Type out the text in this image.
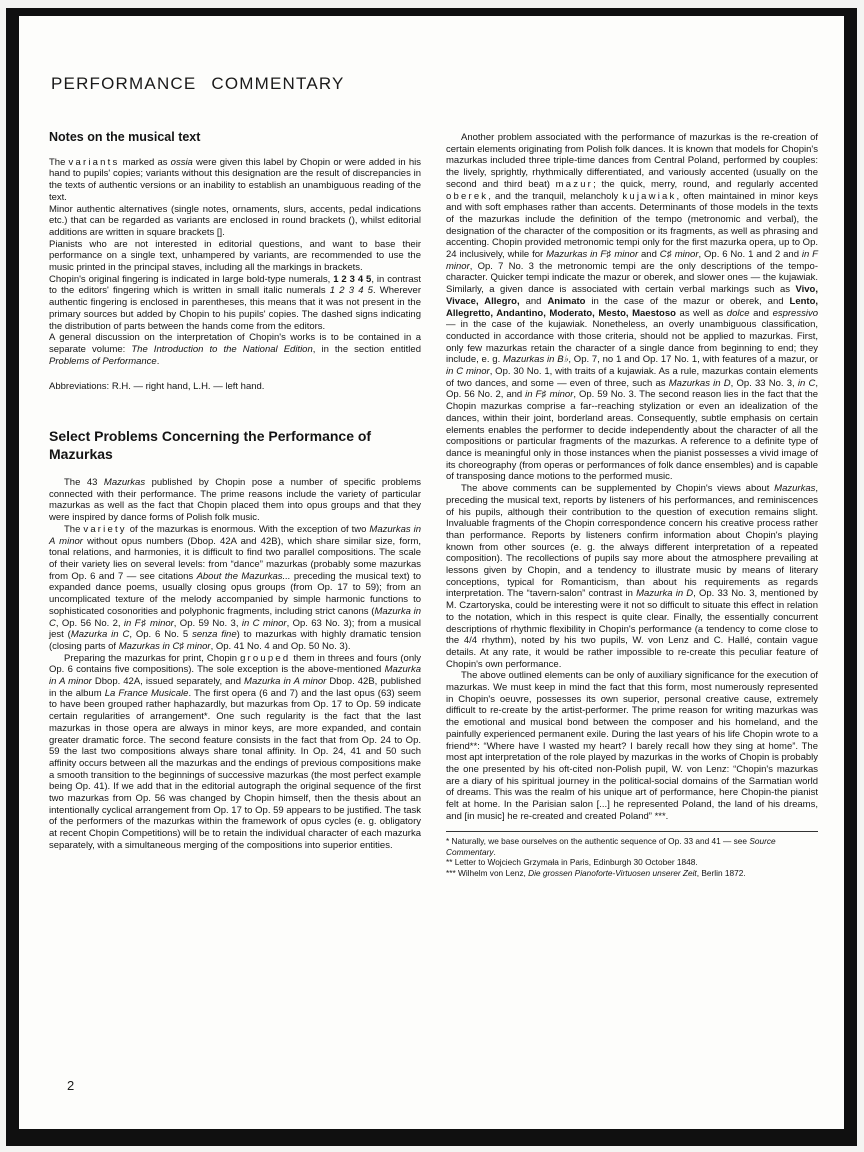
PERFORMANCE COMMENTARY
Notes on the musical text

The variants marked as ossia were given this label by Chopin or were added in his hand to pupils' copies; variants without this designation are the result of discrepancies in the texts of authentic versions or an inability to establish an unambiguous reading of the text.

Minor authentic alternatives (single notes, ornaments, slurs, accents, pedal indications etc.) that can be regarded as variants are enclosed in round brackets (), whilst editorial additions are written in square brackets [].

Pianists who are not interested in editorial questions, and want to base their performance on a single text, unhampered by variants, are recommended to use the music printed in the principal staves, including all the markings in brackets.

Chopin's original fingering is indicated in large bold-type numerals, 1 2 3 4 5, in contrast to the editors' fingering which is written in small italic numerals 1 2 3 4 5. Wherever authentic fingering is enclosed in parentheses, this means that it was not present in the primary sources but added by Chopin to his pupils' copies. The dashed signs indicating the distribution of parts between the hands come from the editors.

A general discussion on the interpretation of Chopin's works is to be contained in a separate volume: The Introduction to the National Edition, in the section entitled Problems of Performance.

Abbreviations: R.H. — right hand, L.H. — left hand.

Select Problems Concerning the Performance of Mazurkas

The 43 Mazurkas published by Chopin pose a number of specific problems connected with their performance. The prime reasons include the variety of particular mazurkas as well as the fact that Chopin placed them into opus groups and that they were inspired by dance forms of Polish folk music.

The variety of the mazurkas is enormous. With the exception of two Mazurkas in A minor without opus numbers (Dbop. 42A and 42B), which share similar size, form, tonal relations, and harmonies, it is difficult to find two parallel compositions. The scale of their variety lies on several levels: from “dance” mazurkas (probably some mazurkas from Op. 6 and 7 — see citations About the Mazurkas... preceding the musical text) to expanded dance poems, usually closing opus groups (from Op. 17 to 59); from an uncomplicated texture of the melody accompanied by simple harmonic functions to sophisticated cosonorities and polyphonic fragments, including strict canons (Mazurka in C, Op. 56 No. 2, in F♯ minor, Op. 59 No. 3, in C minor, Op. 63 No. 3); from a musical jest (Mazurka in C, Op. 6 No. 5 senza fine) to mazurkas with highly dramatic tension (closing parts of Mazurkas in C♯ minor, Op. 41 No. 4 and Op. 50 No. 3).

Preparing the mazurkas for print, Chopin grouped them in threes and fours (only Op. 6 contains five compositions). The sole exception is the above-mentioned Mazurka in A minor Dbop. 42A, issued separately, and Mazurka in A minor Dbop. 42B, published in the album La France Musicale. The first opera (6 and 7) and the last opus (63) seem to have been grouped rather haphazardly, but mazurkas from Op. 17 to Op. 59 indicate certain regularities of arrangement*. One such regularity is the fact that the last mazurkas in those opera are always in minor keys, are more expanded, and contain greater dramatic force. The second feature consists in the fact that from Op. 24 to Op. 59 the last two compositions always share tonal affinity. In Op. 24, 41 and 50 such affinity occurs between all the mazurkas and the endings of previous compositions make a smooth transition to the beginnings of successive mazurkas (the most perfect example being Op. 41). If we add that in the editorial autograph the original sequence of the first two mazurkas from Op. 56 was changed by Chopin himself, then the thesis about an intentionally cyclical arrangement from Op. 17 to Op. 59 appears to be justified. The task of the performers of the mazurkas within the framework of opus cycles (e. g. obligatory at recent Chopin Competitions) will be to retain the individual character of each mazurka separately, with a simultaneous merging of the compositions into superior entities.

Another problem associated with the performance of mazurkas is the re-creation of certain elements originating from Polish folk dances. It is known that models for Chopin's mazurkas included three triple-time dances from Central Poland, performed by couples: the lively, sprightly, rhythmically differentiated, and variously accented (usually on the second and third beat) mazur; the quick, merry, round, and regularly accented oberek, and the tranquil, melancholy kujawiak, often maintained in minor keys and with soft emphases rather than accents. Determinants of those models in the texts of the mazurkas include the definition of the tempo (metronomic and verbal), the designation of the character of the composition or its fragments, as well as phrasing and accenting. Chopin provided metronomic tempi only for the first mazurka opera, up to Op. 24 inclusively, while for Mazurkas in F♯ minor and C♯ minor, Op. 6 No. 1 and 2 and in F minor, Op. 7 No. 3 the metronomic tempi are the only descriptions of the tempo-character. Quicker tempi indicate the mazur or oberek, and slower ones — the kujawiak. Similarly, a given dance is associated with certain verbal markings such as Vivo, Vivace, Allegro, and Animato in the case of the mazur or oberek, and Lento, Allegretto, Andantino, Moderato, Mesto, Maestoso as well as dolce and espressivo — in the case of the kujawiak. Nonetheless, an overly unambiguous classification, conducted in accordance with those criteria, should not be applied to mazurkas. First, only few mazurkas retain the character of a single dance from beginning to end; they include, e. g. Mazurkas in B♭, Op. 7, no 1 and Op. 17 No. 1, with features of a mazur, or in C minor, Op. 30 No. 1, with traits of a kujawiak. As a rule, mazurkas contain elements of two dances, and some — even of three, such as Mazurkas in D, Op. 33 No. 3, in C, Op. 56 No. 2, and in F♯ minor, Op. 59 No. 3. The second reason lies in the fact that the Chopin mazurkas comprise a far--reaching stylization or even an idealization of the dances, within their joint, borderland areas. Consequently, subtle emphasis on certain elements enables the performer to decide independently about the character of all the compositions or particular fragments of the mazurkas. A reference to a definite type of dance is meaningful only in those instances when the pianist possesses a vivid image of its choreography (from operas or performances of folk dance ensembles) and is capable of transposing dance motions to the performed music.

The above comments can be supplemented by Chopin's views about Mazurkas, preceding the musical text, reports by listeners of his performances, and reminiscences of his pupils, although their contribution to the question of execution remains slight. Invaluable fragments of the Chopin correspondence concern his creative process rather than performance. Reports by listeners confirm information about Chopin's playing known from other sources (e. g. the always different interpretation of a repeated composition). The recollections of pupils say more about the atmosphere prevailing at lessons given by Chopin, and a tendency to illustrate music by means of literary conceptions, typical for Romanticism, than about his requirements as regards interpretation. The “tavern-salon” contrast in Mazurka in D, Op. 33 No. 3, mentioned by M. Czartoryska, could be interesting were it not so difficult to situate this effect in relation to the notation, which in this respect is quite clear. Finally, the essentially concurrent descriptions of rhythmic flexibility in Chopin's performance (a tendency to come close to the 4/4 rhythm), noted by his two pupils, W. von Lenz and C. Hallé, contain vague details. At any rate, it would be rather impossible to re-create this peculiar feature of Chopin's own performance.

The above outlined elements can be only of auxiliary significance for the execution of mazurkas. We must keep in mind the fact that this form, most numerously represented in Chopin's oeuvre, possesses its own superior, personal creative cause, extremely difficult to re-create by the artist-performer. The prime reason for writing mazurkas was the emotional and musical bond between the composer and his homeland, and the painfully experienced permanent exile. During the last years of his life Chopin wrote to a friend**: “Where have I wasted my heart? I barely recall how they sing at home”. The most apt interpretation of the role played by mazurkas in the works of Chopin is probably the one presented by his oft-cited non-Polish pupil, W. von Lenz: “Chopin's mazurkas are a diary of his spiritual journey in the political-social domains of the Sarmatian world of dreams. This was the realm of his unique art of performance, here Chopin-the pianist felt at home. In the Parisian salon [...] he represented Poland, the land of his dreams, and [in music] he re-created and created Poland” ***.

* Naturally, we base ourselves on the authentic sequence of Op. 33 and 41 — see Source Commentary.

** Letter to Wojciech Grzymała in Paris, Edinburgh 30 October 1848.

*** Wilhelm von Lenz, Die grossen Pianoforte-Virtuosen unserer Zeit, Berlin 1872.

2
